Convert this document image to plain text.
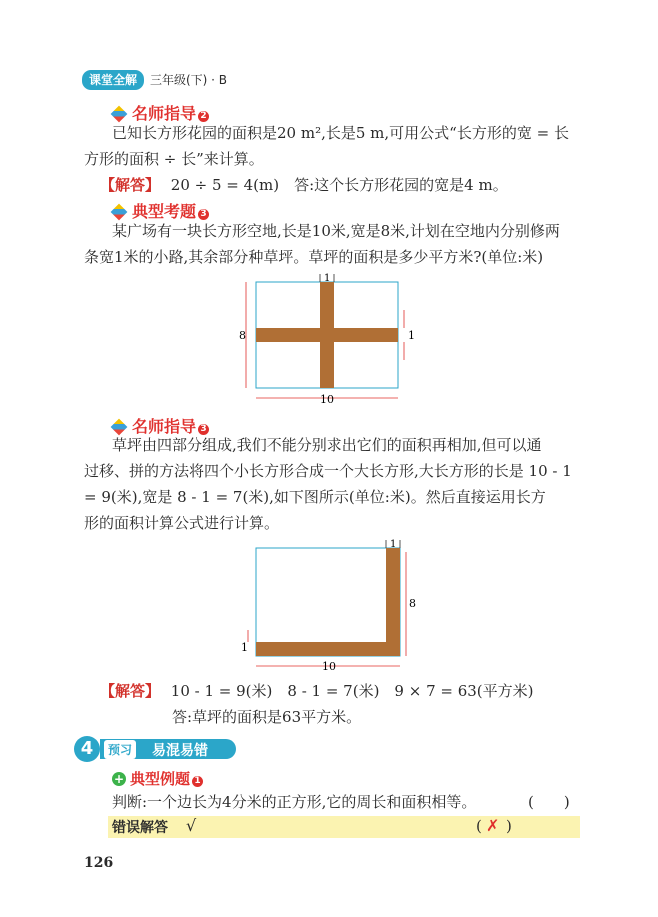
课堂全解	三年级(下) · B
名师指导 2
已知长方形花园的面积是20 m²,长是5 m,可用公式“长方形的宽 = 长
方形的面积 ÷ 长”来计算。
【解答】 20 ÷ 5 = 4(m)　答:这个长方形花园的宽是4 m。
典型考题 3
某广场有一块长方形空地,长是10米,宽是8米,计划在空地内分别修两
条宽1米的小路,其余部分种草坪。草坪的面积是多少平方米?(单位:米)
1
8	1
10
名师指导 3
草坪由四部分组成,我们不能分别求出它们的面积再相加,但可以通
过移、拼的方法将四个小长方形合成一个大长方形,大长方形的长是 10 - 1
= 9(米),宽是 8 - 1 = 7(米),如下图所示(单位:米)。然后直接运用长方
形的面积计算公式进行计算。
1
8
1
10
【解答】 10 - 1 = 9(米)　8 - 1 = 7(米)　9 × 7 = 63(平方米)
答:草坪的面积是63平方米。
4	预习 易混易错
+ 典型例题 1
判断:一个边长为4分米的正方形,它的周长和面积相等。	(　　)
错误解答 √	( ✗ )
126
